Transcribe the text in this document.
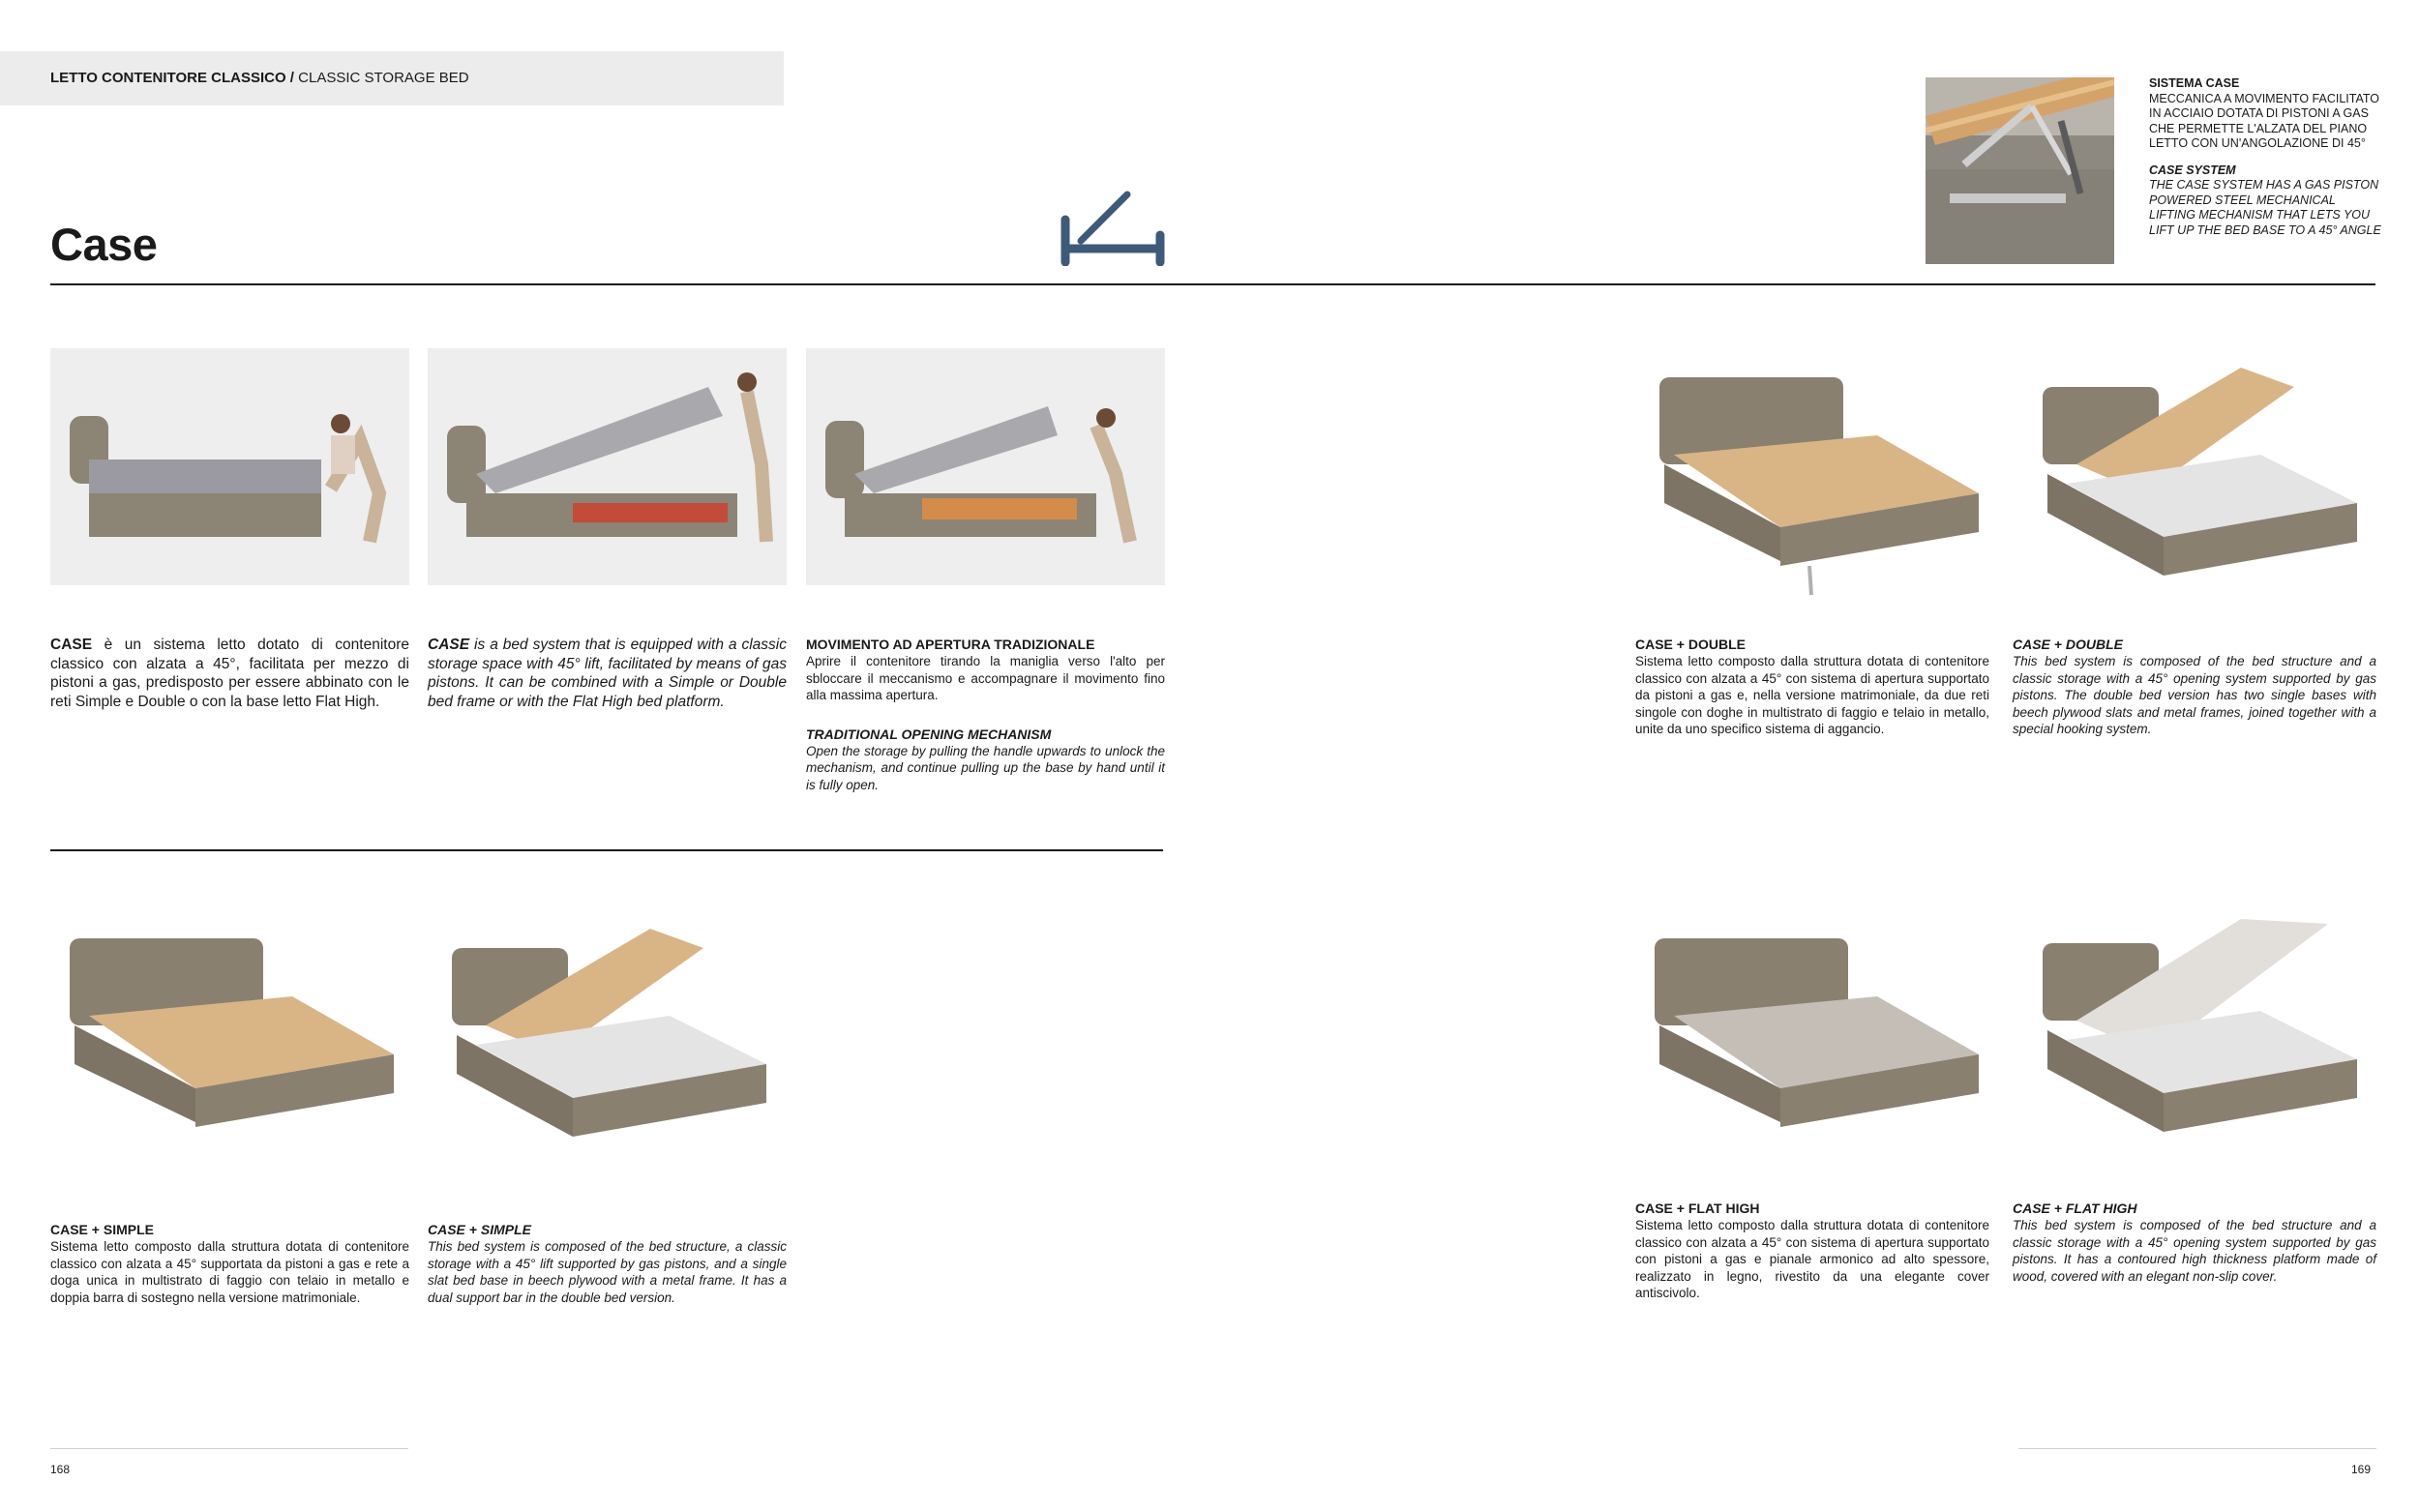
LETTO CONTENITORE CLASSICO / CLASSIC STORAGE BED
Case
SISTEMA CASE
MECCANICA A MOVIMENTO FACILITATO IN ACCIAIO DOTATA DI PISTONI A GAS CHE PERMETTE L'ALZATA DEL PIANO LETTO CON UN'ANGOLAZIONE DI 45°
CASE SYSTEM
THE CASE SYSTEM HAS A GAS PISTON POWERED STEEL MECHANICAL LIFTING MECHANISM THAT LETS YOU LIFT UP THE BED BASE TO A 45° ANGLE
CASE è un sistema letto dotato di contenitore classico con alzata a 45°, facilitata per mezzo di pistoni a gas, predisposto per essere abbinato con le reti Simple e Double o con la base letto Flat High.
CASE is a bed system that is equipped with a classic storage space with 45° lift, facilitated by means of gas pistons. It can be combined with a Simple or Double bed frame or with the Flat High bed platform.
MOVIMENTO AD APERTURA TRADIZIONALE
Aprire il contenitore tirando la maniglia verso l'alto per sbloccare il meccanismo e accompagnare il movimento fino alla massima apertura.
TRADITIONAL OPENING MECHANISM
Open the storage by pulling the handle upwards to unlock the mechanism, and continue pulling up the base by hand until it is fully open.
CASE + DOUBLE
Sistema letto composto dalla struttura dotata di contenitore classico con alzata a 45° con sistema di apertura supportato da pistoni a gas e, nella versione matrimoniale, da due reti singole con doghe in multistrato di faggio e telaio in metallo, unite da uno specifico sistema di aggancio.
CASE + DOUBLE
This bed system is composed of the bed structure and a classic storage with a 45° opening system supported by gas pistons. The double bed version has two single bases with beech plywood slats and metal frames, joined together with a special hooking system.
CASE + SIMPLE
Sistema letto composto dalla struttura dotata di contenitore classico con alzata a 45° supportata da pistoni a gas e rete a doga unica in multistrato di faggio con telaio in metallo e doppia barra di sostegno nella versione matrimoniale.
CASE + SIMPLE
This bed system is composed of the bed structure, a classic storage with a 45° lift supported by gas pistons, and a single slat bed base in beech plywood with a metal frame. It has a dual support bar in the double bed version.
CASE + FLAT HIGH
Sistema letto composto dalla struttura dotata di contenitore classico con alzata a 45° con sistema di apertura supportato con pistoni a gas e pianale armonico ad alto spessore, realizzato in legno, rivestito da una elegante cover antiscivolo.
CASE + FLAT HIGH
This bed system is composed of the bed structure and a classic storage with a 45° opening system supported by gas pistons. It has a contoured high thickness platform made of wood, covered with an elegant non-slip cover.
168	169
